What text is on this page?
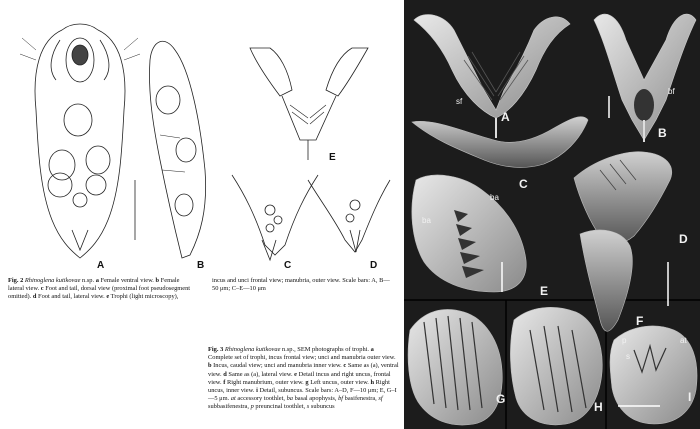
A	B	C	D
E
Fig. 2 Rhinoglena kutikovae n.sp. a Female ventral view. b Female
lateral view. c Foot and tail, dorsal view (proximal foot pseudosegment
omitted). d Foot and tail, lateral view. e Trophi (light microscopy),
incus and unci frontal view; manubria, outer view. Scale bars: A, B—
50 μm; C–E—10 μm
Fig. 3 Rhinoglena kutikovae n.sp., SEM photographs of trophi. a Complete set of trophi, incus frontal view; unci and manubria outer view. b Incus, caudal view; unci and manubria inner view. c Same as (a), ventral view. d Same as (a), lateral view. e Detail incus and right uncus, frontal view. f Right manubrium, outer view. g Left uncus, outer view. h Right uncus, inner view. i Detail, subuncus. Scale bars: A–D, F—10 μm; E, G–I—5 μm. at accessory toothlet, ba basal apophysis, bf basifenestra, sf subbasifenestra, p preuncinal toothlet, s subuncus
A
B
C
D
E
F
G
H
I
sf
bf
ba
ba
p	at
s
